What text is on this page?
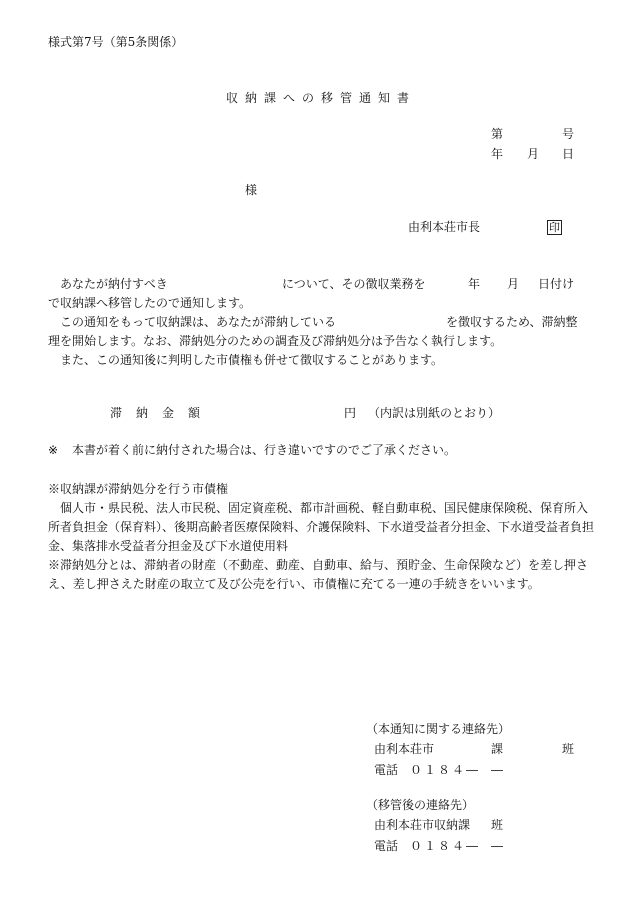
様式第7号（第5条関係）
収納課への移管通知書
第	号
年 月 日
様
由利本荘市長	印
あなたが納付すべき	について、その徴収業務を	年 月 日付け
で収納課へ移管したので通知します。
この通知をもって収納課は、あなたが滞納している	を徴収するため、滞納整
理を開始します。なお、滞納処分のための調査及び滞納処分は予告なく執行します。
また、この通知後に判明した市債権も併せて徴収することがあります。
滞納金額	円 （内訳は別紙のとおり）
※ 本書が着く前に納付された場合は、行き違いですのでご了承ください。
※収納課が滞納処分を行う市債権
個人市・県民税、法人市民税、固定資産税、都市計画税、軽自動車税、国民健康保険税、保育所入
所者負担金（保育料）、後期高齢者医療保険料、介護保険料、下水道受益者分担金、下水道受益者負担
金、集落排水受益者分担金及び下水道使用料
※滞納処分とは、滞納者の財産（不動産、動産、自動車、給与、預貯金、生命保険など）を差し押さ
え、差し押さえた財産の取立て及び公売を行い、市債権に充てる一連の手続きをいいます。
（本通知に関する連絡先）
由利本荘市	課	班
電話 ０１８４― ―
（移管後の連絡先）
由利本荘市収納課 班
電話 ０１８４― ―
